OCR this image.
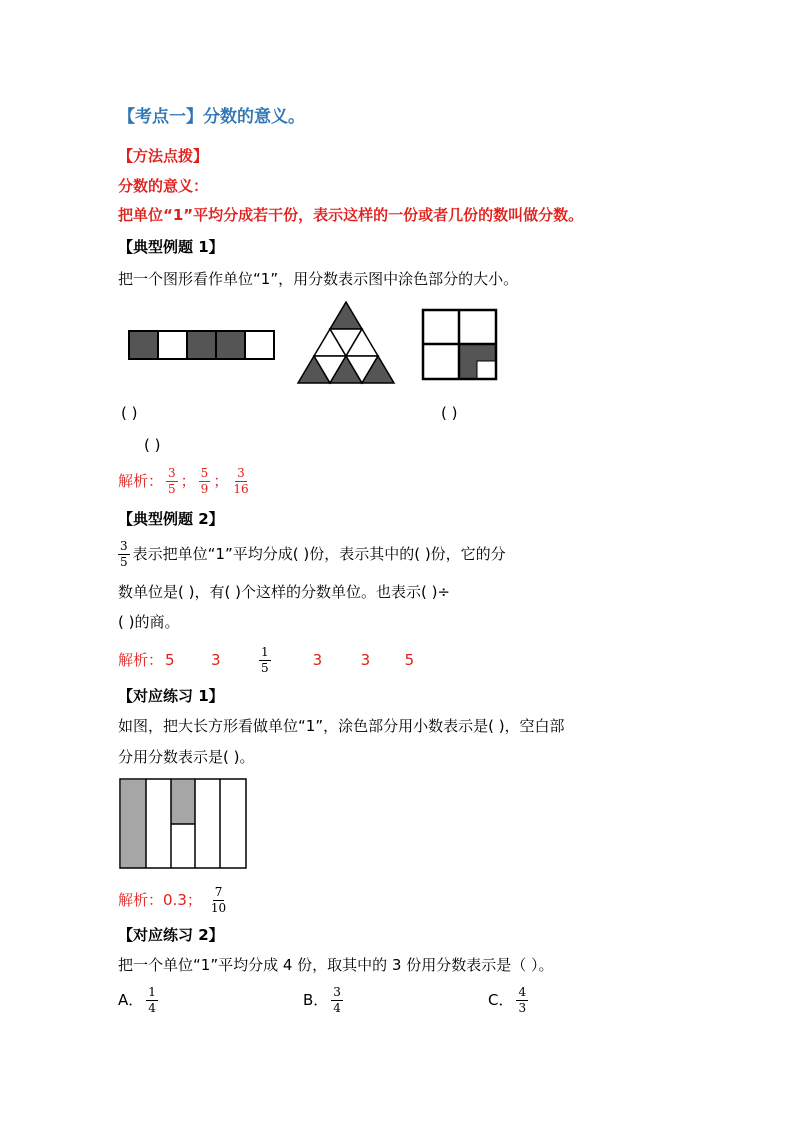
【考点一】分数的意义。
【方法点拨】
分数的意义：
把单位“1”平均分成若干份，表示这样的一份或者几份的数叫做分数。
【典型例题 1】
把一个图形看作单位“1”，用分数表示图中涂色部分的大小。
( )	( )
( )
解析： $\frac{3}{5}$ ； $\frac{5}{9}$ ； $\frac{3}{16}$
【典型例题 2】
$\frac{3}{5}$ 表示把单位“1”平均分成( )份，表示其中的( )份，它的分
数单位是( )，有( )个这样的分数单位。也表示( )÷
( )的商。
解析： 5	3	$\frac{1}{5}$	3	3	5
【对应练习 1】
如图，把大长方形看做单位“1”，涂色部分用小数表示是( )，空白部
分用分数表示是( )。
解析： 0.3； $\frac{7}{10}$
【对应练习 2】
把一个单位“1”平均分成 4 份，取其中的 3 份用分数表示是（ ）。
A． $\frac{1}{4}$	B． $\frac{3}{4}$	C． $\frac{4}{3}$
